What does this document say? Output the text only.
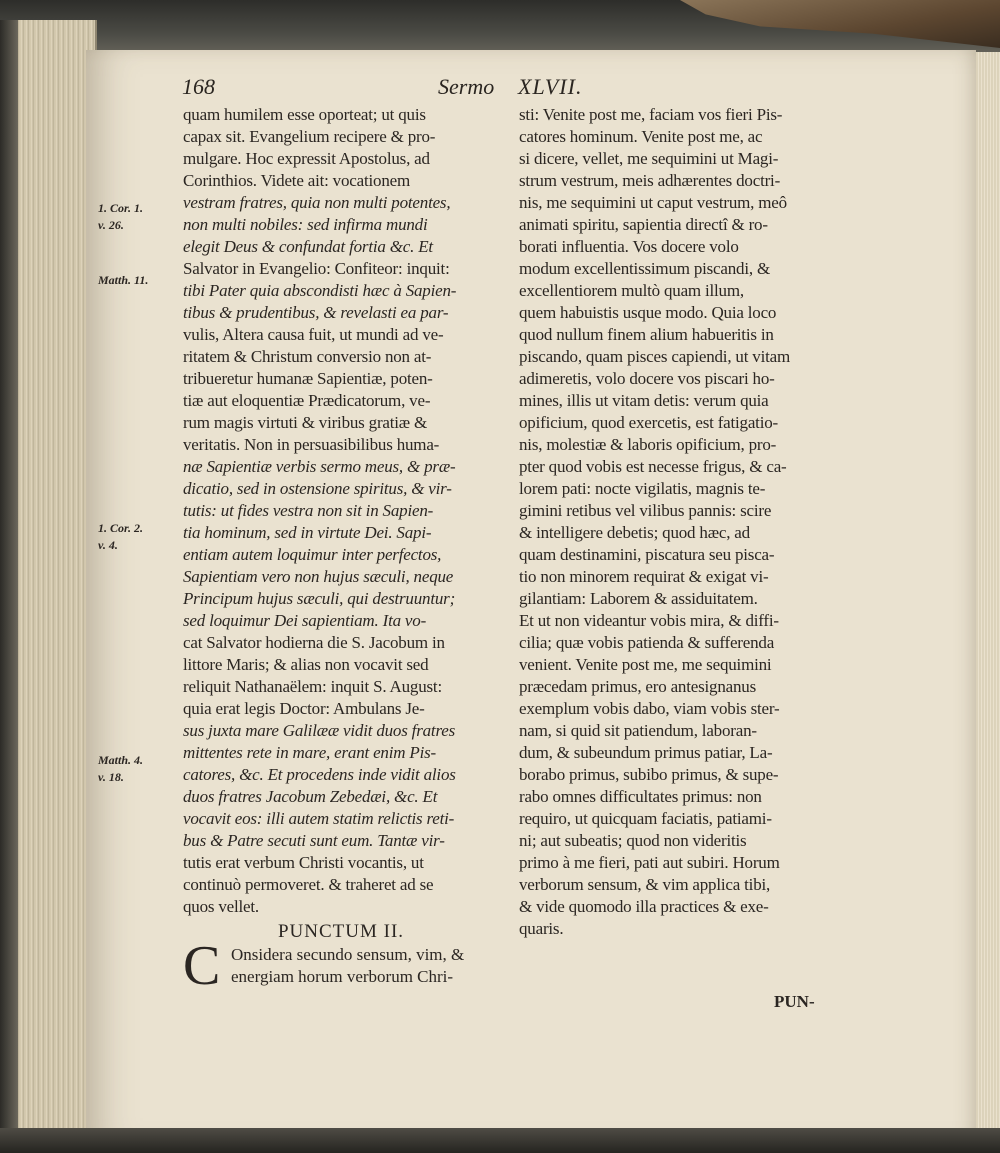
168	Sermo XLVII.
1. Cor. 1.
v. 26.
Matth. 11.
1. Cor. 2.
v. 4.
Matth. 4.
v. 18.
quam humilem esse oporteat; ut quis
capax sit. Evangelium recipere & pro-
mulgare. Hoc expressit Apostolus, ad
Corinthios. Videte ait: vocationem
vestram fratres, quia non multi potentes,
non multi nobiles: sed infirma mundi
elegit Deus & confundat fortia &c. Et
Salvator in Evangelio: Confiteor: inquit:
tibi Pater quia abscondisti hæc à Sapien-
tibus & prudentibus, & revelasti ea par-
vulis, Altera causa fuit, ut mundi ad ve-
ritatem & Christum conversio non at-
tribueretur humanæ Sapientiæ, poten-
tiæ aut eloquentiæ Prædicatorum, ve-
rum magis virtuti & viribus gratiæ &
veritatis. Non in persuasibilibus huma-
næ Sapientiæ verbis sermo meus, & præ-
dicatio, sed in ostensione spiritus, & vir-
tutis: ut fides vestra non sit in Sapien-
tia hominum, sed in virtute Dei. Sapi-
entiam autem loquimur inter perfectos,
Sapientiam vero non hujus sæculi, neque
Principum hujus sæculi, qui destruuntur;
sed loquimur Dei sapientiam. Ita vo-
cat Salvator hodierna die S. Jacobum in
littore Maris; & alias non vocavit sed
reliquit Nathanaëlem: inquit S. August:
quia erat legis Doctor: Ambulans Je-
sus juxta mare Galilææ vidit duos fratres
mittentes rete in mare, erant enim Pis-
catores, &c. Et procedens inde vidit alios
duos fratres Jacobum Zebedæi, &c. Et
vocavit eos: illi autem statim relictis reti-
bus & Patre secuti sunt eum. Tantæ vir-
tutis erat verbum Christi vocantis, ut
continuò permoveret. & traheret ad se
quos vellet.
PUNCTUM II.
C Onsidera secundo sensum, vim, &
energiam horum verborum Chri-
sti: Venite post me, faciam vos fieri Pis-
catores hominum. Venite post me, ac
si dicere, vellet, me sequimini ut Magi-
strum vestrum, meis adhærentes doctri-
nis, me sequimini ut caput vestrum, meô
animati spiritu, sapientia directî & ro-
borati influentia. Vos docere volo
modum excellentissimum piscandi, &
excellentiorem multò quam illum,
quem habuistis usque modo. Quia loco
quod nullum finem alium habueritis in
piscando, quam pisces capiendi, ut vitam
adimeretis, volo docere vos piscari ho-
mines, illis ut vitam detis: verum quia
opificium, quod exercetis, est fatigatio-
nis, molestiæ & laboris opificium, pro-
pter quod vobis est necesse frigus, & ca-
lorem pati: nocte vigilatis, magnis te-
gimini retibus vel vilibus pannis: scire
& intelligere debetis; quod hæc, ad
quam destinamini, piscatura seu pisca-
tio non minorem requirat & exigat vi-
gilantiam: Laborem & assiduitatem.
Et ut non videantur vobis mira, & diffi-
cilia; quæ vobis patienda & sufferenda
venient. Venite post me, me sequimini
præcedam primus, ero antesignanus
exemplum vobis dabo, viam vobis ster-
nam, si quid sit patiendum, laboran-
dum, & subeundum primus patiar, La-
borabo primus, subibo primus, & supe-
rabo omnes difficultates primus: non
requiro, ut quicquam faciatis, patiami-
ni; aut subeatis; quod non videritis
primo à me fieri, pati aut subiri. Horum
verborum sensum, & vim applica tibi,
& vide quomodo illa practices & exe-
quaris.
PUN-
